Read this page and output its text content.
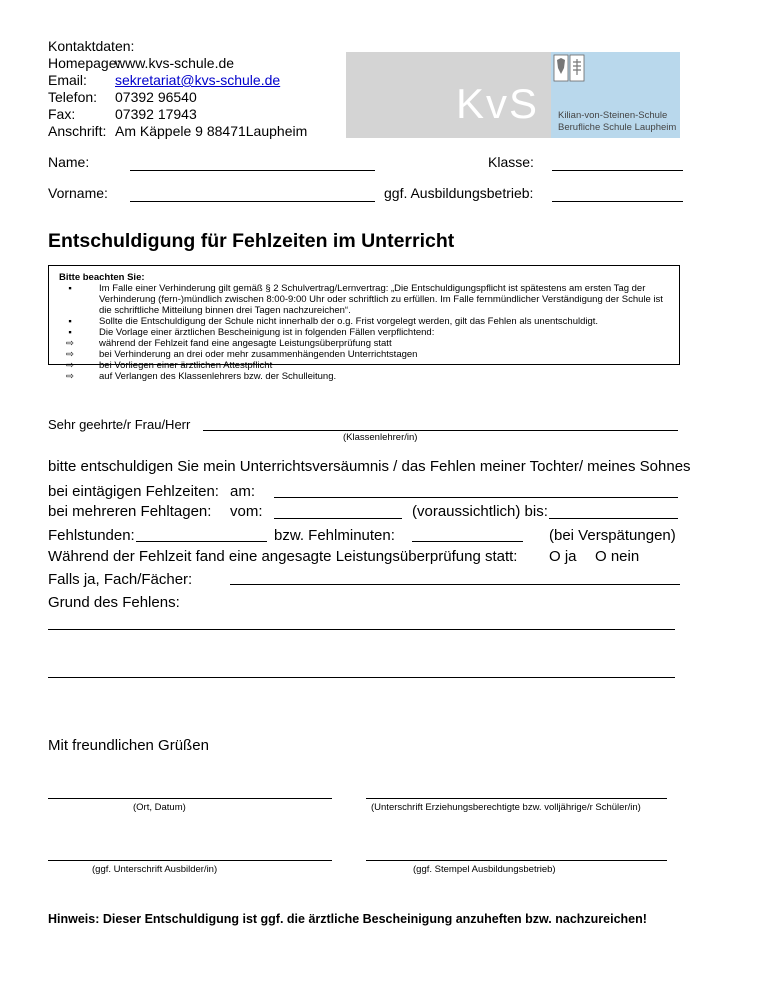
Kontaktdaten:
Homepage:www.kvs-schule.de
Email: sekretariat@kvs-schule.de
Telefon: 07392 96540
Fax:	07392 17943
Anschrift: Am Käppele 9 88471Laupheim
KvS Kilian-von-Steinen-Schule
Berufliche Schule Laupheim
Name:	Klasse:
Vorname:	ggf. Ausbildungsbetrieb:
Entschuldigung für Fehlzeiten im Unterricht
Bitte beachten Sie:
▪	Im Falle einer Verhinderung gilt gemäß § 2 Schulvertrag/Lernvertrag: „Die Entschuldigungspflicht ist spätestens am ersten Tag der Verhinderung (fern-)mündlich zwischen 8:00-9:00 Uhr oder schriftlich zu erfüllen. Im Falle fernmündlicher Verständigung der Schule ist die schriftliche Mitteilung binnen drei Tagen nachzureichen“.
▪	Sollte die Entschuldigung der Schule nicht innerhalb der o.g. Frist vorgelegt werden, gilt das Fehlen als unentschuldigt.
▪	Die Vorlage einer ärztlichen Bescheinigung ist in folgenden Fällen verpflichtend:
⇨	während der Fehlzeit fand eine angesagte Leistungsüberprüfung statt
⇨	bei Verhinderung an drei oder mehr zusammenhängenden Unterrichtstagen
⇨	bei Vorliegen einer ärztlichen Attestpflicht
⇨	auf Verlangen des Klassenlehrers bzw. der Schulleitung.
Sehr geehrte/r Frau/Herr
(Klassenlehrer/in)
bitte entschuldigen Sie mein Unterrichtsversäumnis / das Fehlen meiner Tochter/ meines Sohnes
bei eintägigen Fehlzeiten: am:
bei mehreren Fehltagen: vom:	(voraussichtlich) bis:
Fehlstunden:	bzw. Fehlminuten:	(bei Verspätungen)
Während der Fehlzeit fand eine angesagte Leistungsüberprüfung statt: O ja O nein
Falls ja, Fach/Fächer:
Grund des Fehlens:
Mit freundlichen Grüßen
(Ort, Datum)	(Unterschrift Erziehungsberechtigte bzw. volljährige/r Schüler/in)
(ggf. Unterschrift Ausbilder/in)	(ggf. Stempel Ausbildungsbetrieb)
Hinweis: Dieser Entschuldigung ist ggf. die ärztliche Bescheinigung anzuheften bzw. nachzureichen!
